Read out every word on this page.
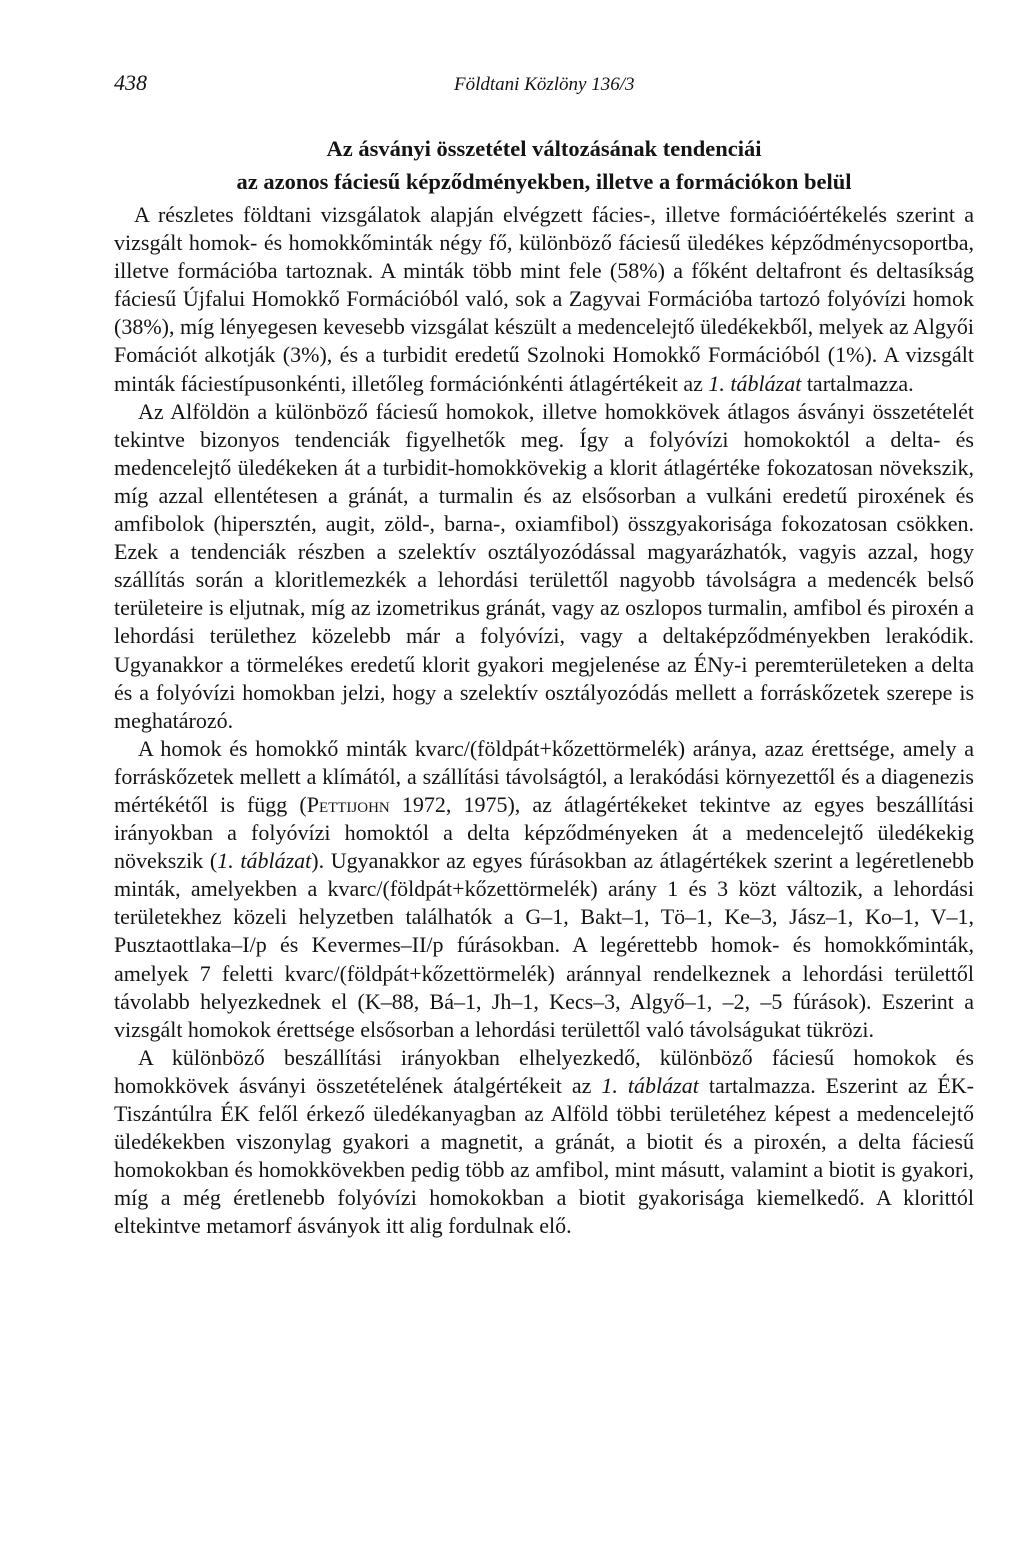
438	Földtani Közlöny 136/3
Az ásványi összetétel változásának tendenciái
az azonos fáciesű képződményekben, illetve a formációkon belül

A részletes földtani vizsgálatok alapján elvégzett fácies-, illetve formációértékelés szerint a vizsgált homok- és homokkőminták négy fő, különböző fáciesű üledékes képződménycsoportba, illetve formációba tartoznak. A minták több mint fele (58%) a főként deltafront és deltasíkság fáciesű Újfalui Homokkő Formációból való, sok a Zagyvai Formációba tartozó folyóvízi homok (38%), míg lényegesen kevesebb vizsgálat készült a medencelejtő üledékekből, melyek az Algyői Fomációt alkotják (3%), és a turbidit eredetű Szolnoki Homokkő Formációból (1%). A vizsgált minták fáciestípusonkénti, illetőleg formációnkénti átlagértékeit az 1. táblázat tartalmazza.

Az Alföldön a különböző fáciesű homokok, illetve homokkövek átlagos ásványi összetételét tekintve bizonyos tendenciák figyelhetők meg. Így a folyóvízi homokoktól a delta- és medencelejtő üledékeken át a turbidit-homokkövekig a klorit átlagértéke fokozatosan növekszik, míg azzal ellentétesen a gránát, a turmalin és az elsősorban a vulkáni eredetű piroxének és amfibolok (hipersztén, augit, zöld-, barna-, oxiamfibol) összgyakorisága fokozatosan csökken. Ezek a tendenciák részben a szelektív osztályozódással magyarázhatók, vagyis azzal, hogy szállítás során a kloritlemezkék a lehordási területtől nagyobb távolságra a medencék belső területeire is eljutnak, míg az izometrikus gránát, vagy az oszlopos turmalin, amfibol és piroxén a lehordási területhez közelebb már a folyóvízi, vagy a deltaképződményekben lerakódik. Ugyanakkor a törmelékes eredetű klorit gyakori megjelenése az ÉNy-i peremterületeken a delta és a folyóvízi homokban jelzi, hogy a szelektív osztályozódás mellett a forráskőzetek szerepe is meghatározó.

A homok és homokkő minták kvarc/(földpát+kőzettörmelék) aránya, azaz érettsége, amely a forráskőzetek mellett a klímától, a szállítási távolságtól, a lerakódási környezettől és a diagenezis mértékétől is függ (Pettijohn 1972, 1975), az átlagértékeket tekintve az egyes beszállítási irányokban a folyóvízi homoktól a delta képződményeken át a medencelejtő üledékekig növekszik (1. táblázat). Ugyanakkor az egyes fúrásokban az átlagértékek szerint a legéretlenebb minták, amelyekben a kvarc/(földpát+kőzettörmelék) arány 1 és 3 közt változik, a lehordási területekhez közeli helyzetben találhatók a G–1, Bakt–1, Tö–1, Ke–3, Jász–1, Ko–1, V–1, Pusztaottlaka–I/p és Kevermes–II/p fúrásokban. A legérettebb homok- és homokkőminták, amelyek 7 feletti kvarc/(földpát+kőzettörmelék) aránnyal rendelkeznek a lehordási területtől távolabb helyezkednek el (K–88, Bá–1, Jh–1, Kecs–3, Algyő–1, –2, –5 fúrások). Eszerint a vizsgált homokok érettsége elsősorban a lehordási területtől való távolságukat tükrözi.

A különböző beszállítási irányokban elhelyezkedő, különböző fáciesű homokok és homokkövek ásványi összetételének átalgértékeit az 1. táblázat tartalmazza. Eszerint az ÉK-Tiszántúlra ÉK felől érkező üledékanyagban az Alföld többi területéhez képest a medencelejtő üledékekben viszonylag gyakori a magnetit, a gránát, a biotit és a piroxén, a delta fáciesű homokokban és homokkövekben pedig több az amfibol, mint másutt, valamint a biotit is gyakori, míg a még éretlenebb folyóvízi homokokban a biotit gyakorisága kiemelkedő. A klorittól eltekintve metamorf ásványok itt alig fordulnak elő.
